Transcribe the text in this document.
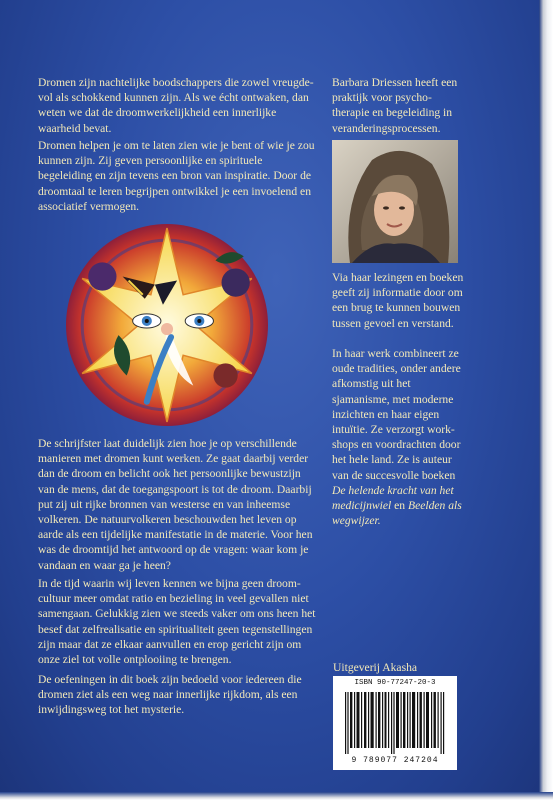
Dromen zijn nachtelijke boodschappers die zowel vreugde-vol als schokkend kunnen zijn. Als we écht ontwaken, dan weten we dat de droomwerkelijkheid een innerlijke waarheid bevat.

Dromen helpen je om te laten zien wie je bent of wie je zou kunnen zijn. Zij geven persoonlijke en spirituele begeleiding en zijn tevens een bron van inspiratie. Door de droomtaal te leren begrijpen ontwikkel je een invoelend en associatief vermogen.

De schrijfster laat duidelijk zien hoe je op verschillende manieren met dromen kunt werken. Ze gaat daarbij verder dan de droom en belicht ook het persoonlijke bewustzijn van de mens, dat de toegangspoort is tot de droom. Daarbij put zij uit rijke bronnen van westerse en van inheemse volkeren. De natuurvolkeren beschouwden het leven op aarde als een tijdelijke manifestatie in de materie. Voor hen was de droomtijd het antwoord op de vragen: waar kom je vandaan en waar ga je heen?

In de tijd waarin wij leven kennen we bijna geen droom-cultuur meer omdat ratio en bezieling in veel gevallen niet samengaan. Gelukkig zien we steeds vaker om ons heen het besef dat zelfrealisatie en spiritualiteit geen tegenstellingen zijn maar dat ze elkaar aanvullen en erop gericht zijn om onze ziel tot volle ontplooiing te brengen.

De oefeningen in dit boek zijn bedoeld voor iedereen die dromen ziet als een weg naar innerlijke rijkdom, als een inwijdingsweg tot het mysterie.

Barbara Driessen heeft een praktijk voor psycho-therapie en begeleiding in veranderingsprocessen.

Via haar lezingen en boeken geeft zij informatie door om een brug te kunnen bouwen tussen gevoel en verstand.

In haar werk combineert ze oude tradities, onder andere afkomstig uit het sjamanisme, met moderne inzichten en haar eigen intuïtie. Ze verzorgt work-shops en voordrachten door het hele land. Ze is auteur van de succesvolle boeken De helende kracht van het medicijnwiel en Beelden als wegwijzer.

Uitgeverij Akasha

ISBN 90-77247-20-3
9 789077 247204
